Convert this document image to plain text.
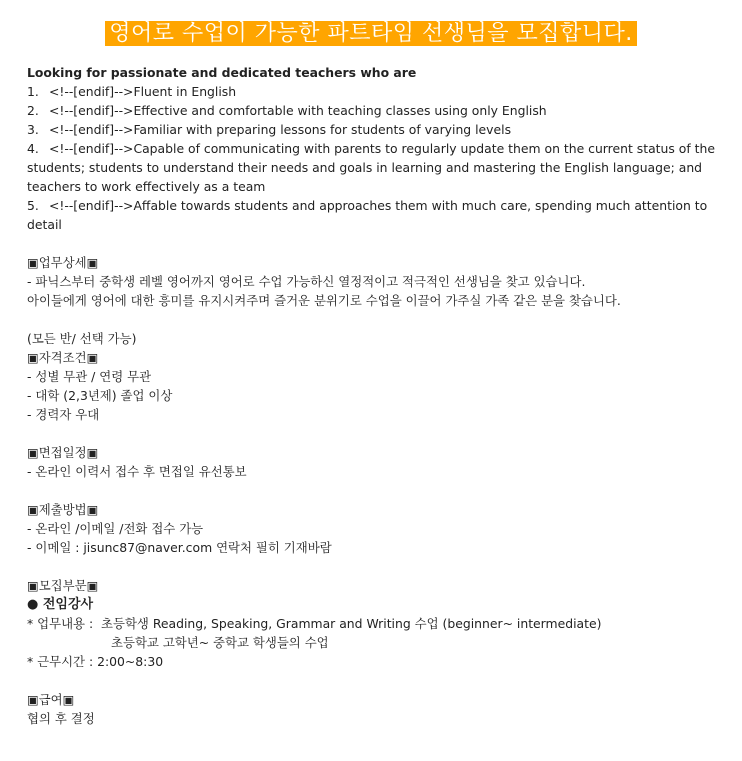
영어로 수업이 가능한 파트타임 선생님을 모집합니다.

Looking for passionate and dedicated teachers who are

1. <!--[endif]-->Fluent in English

2. <!--[endif]-->Effective and comfortable with teaching classes using only English

3. <!--[endif]-->Familiar with preparing lessons for students of varying levels

4. <!--[endif]-->Capable of communicating with parents to regularly update them on the current status of the students; students to understand their needs and goals in learning and mastering the English language; and teachers to work effectively as a team

5. <!--[endif]-->Affable towards students and approaches them with much care, spending much attention to detail

▣업무상세▣

- 파닉스부터 중학생 레벨 영어까지 영어로 수업 가능하신 열정적이고 적극적인 선생님을 찾고 있습니다.

아이들에게 영어에 대한 흥미를 유지시켜주며 즐거운 분위기로 수업을 이끌어 가주실 가족 같은 분을 찾습니다.

(모든 반/ 선택 가능)

▣자격조건▣

- 성별 무관 / 연령 무관

- 대학 (2,3년제) 졸업 이상

- 경력자 우대

▣면접일정▣

- 온라인 이력서 접수 후 면접일 유선통보

▣제출방법▣

- 온라인 /이메일 /전화 접수 가능

- 이메일 : jisunc87@naver.com 연락처 필히 기재바람

▣모집부문▣

● 전임강사

* 업무내용 : 초등학생 Reading, Speaking, Grammar and Writing 수업 (beginner~ intermediate)

초등학교 고학년~ 중학교 학생들의 수업

* 근무시간 : 2:00~8:30

▣급여▣

협의 후 결정
